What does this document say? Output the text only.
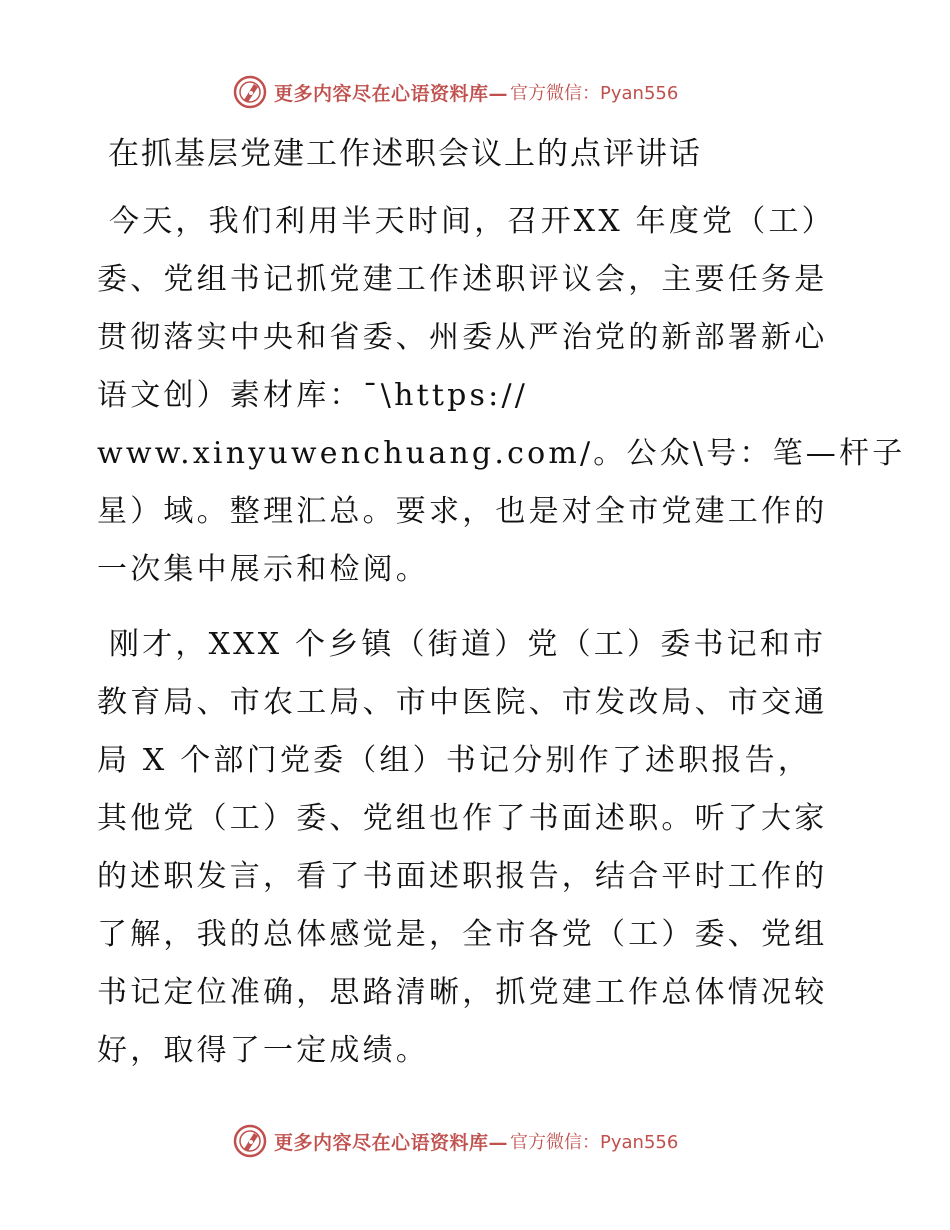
更多内容尽在心语资料库— 官方微信：Pyan556
在抓基层党建工作述职会议上的点评讲话

今天，我们利用半天时间，召开XX 年度党（工）
委、党组书记抓党建工作述职评议会，主要任务是
贯彻落实中央和省委、州委从严治党的新部署新心
语文创）素材库：¯\https://
www.xinyuwenchuang.com/。公众\号：笔—杆子
星）域。整理汇总。要求，也是对全市党建工作的
一次集中展示和检阅。

刚才，XXX 个乡镇（街道）党（工）委书记和市
教育局、市农工局、市中医院、市发改局、市交通
局 X 个部门党委（组）书记分别作了述职报告，
其他党（工）委、党组也作了书面述职。听了大家
的述职发言，看了书面述职报告，结合平时工作的
了解，我的总体感觉是，全市各党（工）委、党组
书记定位准确，思路清晰，抓党建工作总体情况较
好，取得了一定成绩。

更多内容尽在心语资料库— 官方微信：Pyan556
